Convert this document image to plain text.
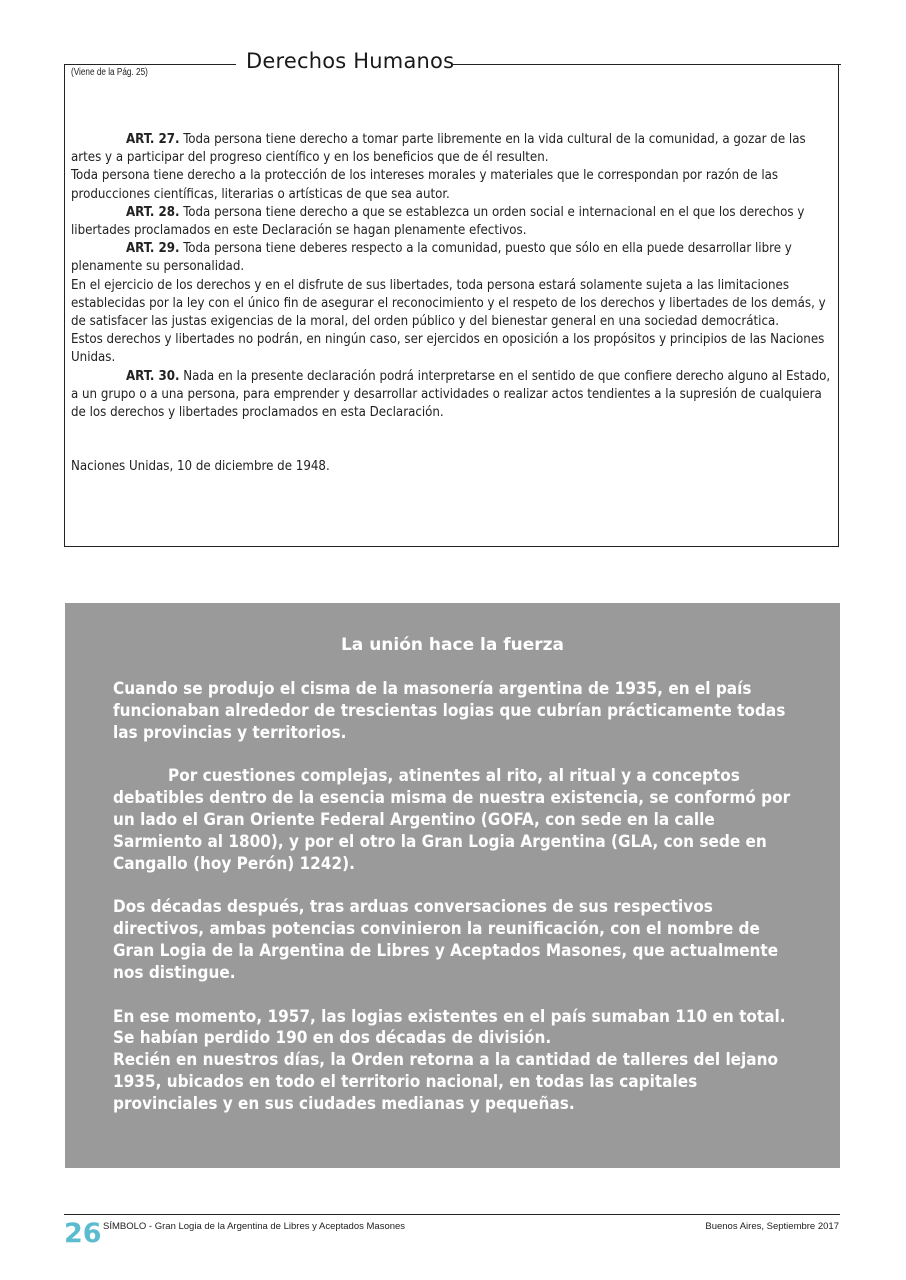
Derechos Humanos
(Viene de la Pág. 25)

ART. 27. Toda persona tiene derecho a tomar parte libremente en la vida cultural de la comunidad, a gozar de las artes y a participar del progreso científico y en los beneficios que de él resulten.

Toda persona tiene derecho a la protección de los intereses morales y materiales que le correspondan por razón de las producciones científicas, literarias o artísticas de que sea autor.

ART. 28. Toda persona tiene derecho a que se establezca un orden social e internacional en el que los derechos y libertades proclamados en este Declaración se hagan plenamente efectivos.

ART. 29. Toda persona tiene deberes respecto a la comunidad, puesto que sólo en ella puede desarrollar libre y plenamente su personalidad.

En el ejercicio de los derechos y en el disfrute de sus libertades, toda persona estará solamente sujeta a las limitaciones establecidas por la ley con el único fin de asegurar el reconocimiento y el respeto de los derechos y libertades de los demás, y de satisfacer las justas exigencias de la moral, del orden público y del bienestar general en una sociedad democrática.

Estos derechos y libertades no podrán, en ningún caso, ser ejercidos en oposición a los propósitos y principios de las Naciones Unidas.

ART. 30. Nada en la presente declaración podrá interpretarse en el sentido de que confiere derecho alguno al Estado, a un grupo o a una persona, para emprender y desarrollar actividades o realizar actos tendientes a la supresión de cualquiera de los derechos y libertades proclamados en esta Declaración.

Naciones Unidas, 10 de diciembre de 1948.
La unión hace la fuerza

Cuando se produjo el cisma de la masonería argentina de 1935, en el país funcionaban alrededor de trescientas logias que cubrían prácticamente todas las provincias y territorios.

Por cuestiones complejas, atinentes al rito, al ritual y a conceptos debatibles dentro de la esencia misma de nuestra existencia, se conformó por un lado el Gran Oriente Federal Argentino (GOFA, con sede en la calle Sarmiento al 1800), y por el otro la Gran Logia Argentina (GLA, con sede en Cangallo (hoy Perón) 1242).

Dos décadas después, tras arduas conversaciones de sus respectivos directivos, ambas potencias convinieron la reunificación, con el nombre de Gran Logia de la Argentina de Libres y Aceptados Masones, que actualmente nos distingue.

En ese momento, 1957, las logias existentes en el país sumaban 110 en total. Se habían perdido 190 en dos décadas de división.

Recién en nuestros días, la Orden retorna a la cantidad de talleres del lejano 1935, ubicados en todo el territorio nacional, en todas las capitales provinciales y en sus ciudades medianas y pequeñas.

26 SÍMBOLO - Gran Logia de la Argentina de Libres y Aceptados Masones	Buenos Aires, Septiembre 2017
